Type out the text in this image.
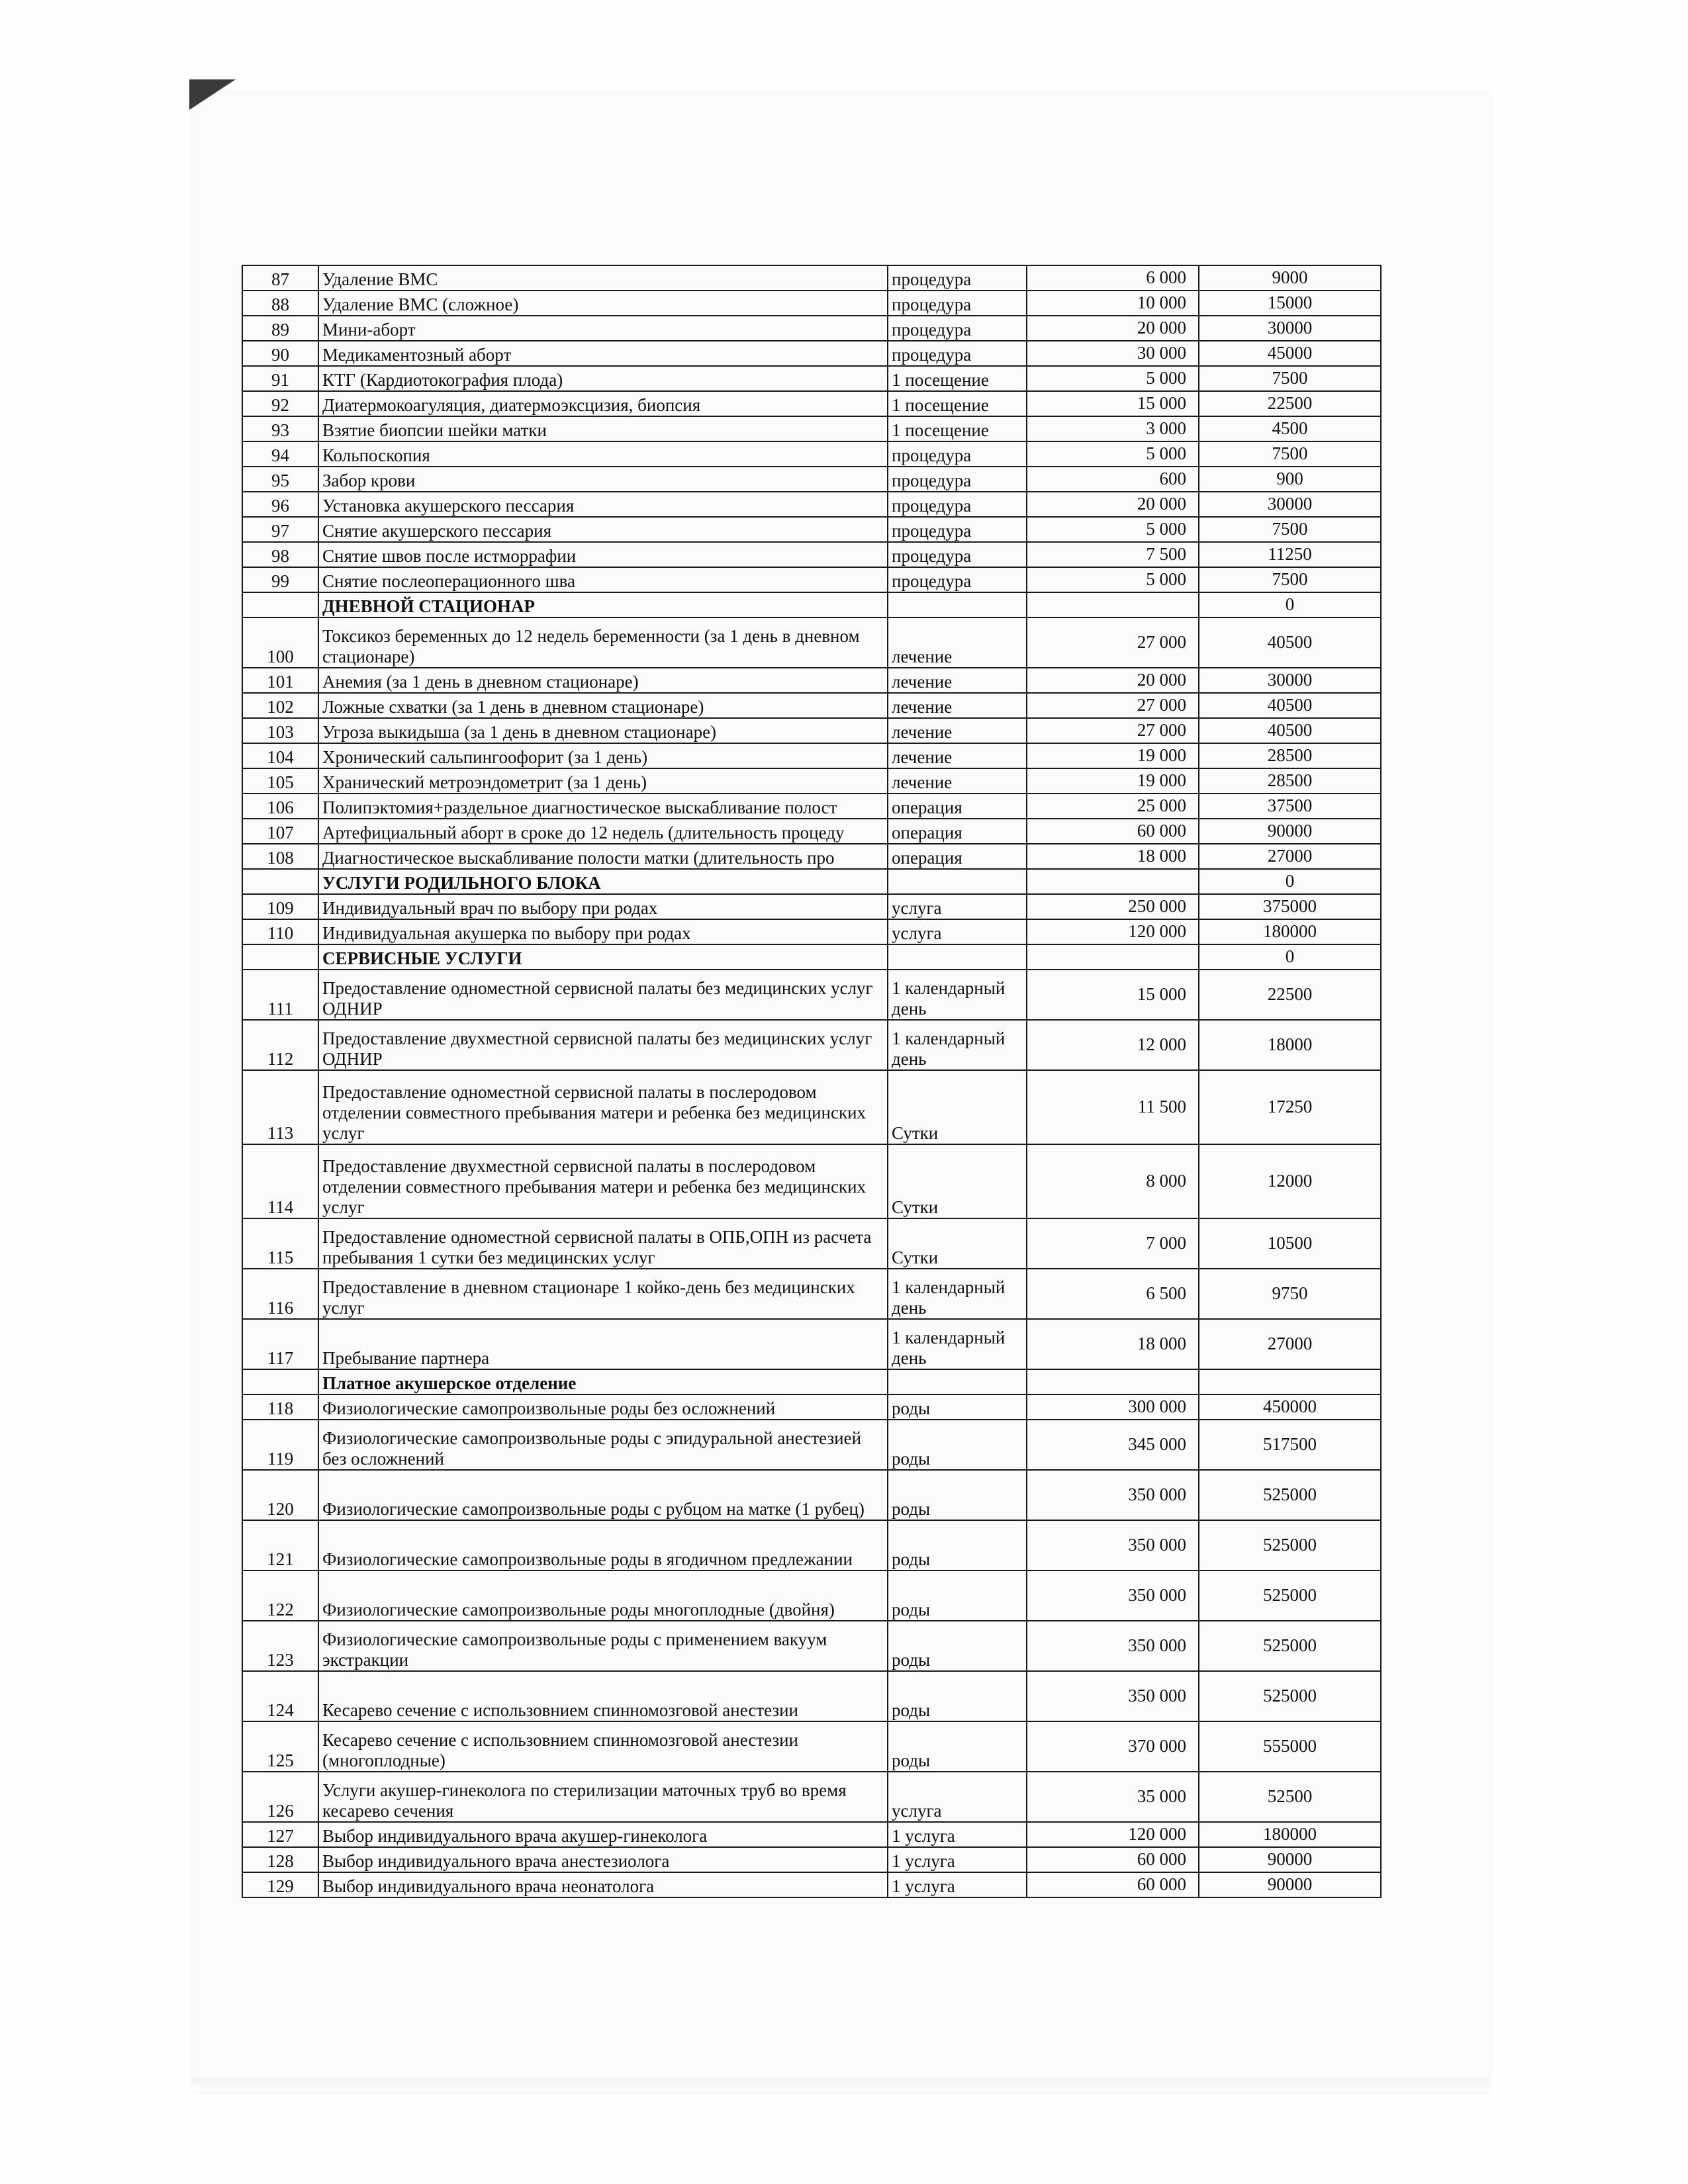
87	Удаление ВМС	процедура	6 000	9000
88	Удаление ВМС (сложное)	процедура	10 000	15000
89	Мини-аборт	процедура	20 000	30000
90	Медикаментозный аборт	процедура	30 000	45000
91	КТГ (Кардиотокография плода)	1 посещение	5 000	7500
92	Диатермокоагуляция, диатермоэксцизия, биопсия	1 посещение	15 000	22500
93	Взятие биопсии шейки матки	1 посещение	3 000	4500
94	Кольпоскопия	процедура	5 000	7500
95	Забор крови	процедура	600	900
96	Установка акушерского пессария	процедура	20 000	30000
97	Снятие акушерского пессария	процедура	5 000	7500
98	Снятие швов после истморрафии	процедура	7 500	11250
99	Снятие послеоперационного шва	процедура	5 000	7500
	ДНЕВНОЙ СТАЦИОНАР			0
100	Токсикоз беременных до 12 недель беременности (за 1 день в дневном стационаре)	лечение	27 000	40500
101	Анемия (за 1 день в дневном стационаре)	лечение	20 000	30000
102	Ложные схватки (за 1 день в дневном стационаре)	лечение	27 000	40500
103	Угроза выкидыша (за 1 день в дневном стационаре)	лечение	27 000	40500
104	Хронический сальпингоофорит (за 1 день)	лечение	19 000	28500
105	Хранический метроэндометрит (за 1 день)	лечение	19 000	28500
106	Полипэктомия+раздельное диагностическое выскабливание полост	операция	25 000	37500
107	Артефициальный аборт в сроке до 12 недель (длительность процеду	операция	60 000	90000
108	Диагностическое выскабливание полости матки (длительность про	операция	18 000	27000
	УСЛУГИ РОДИЛЬНОГО БЛОКА			0
109	Индивидуальный врач по выбору при родах	услуга	250 000	375000
110	Индивидуальная акушерка по выбору при родах	услуга	120 000	180000
	СЕРВИСНЫЕ УСЛУГИ			0
111	Предоставление одноместной сервисной палаты без медицинских услуг ОДНИР	1 календарный день	15 000	22500
112	Предоставление двухместной сервисной палаты без медицинских услуг ОДНИР	1 календарный день	12 000	18000
113	Предоставление одноместной сервисной палаты в послеродовом отделении совместного пребывания матери и ребенка без медицинских услуг	Сутки	11 500	17250
114	Предоставление двухместной сервисной палаты в послеродовом отделении совместного пребывания матери и ребенка без медицинских услуг	Сутки	8 000	12000
115	Предоставление одноместной сервисной палаты в ОПБ,ОПН из расчета пребывания 1 сутки без медицинских услуг	Сутки	7 000	10500
116	Предоставление в дневном стационаре 1 койко-день без медицинских услуг	1 календарный день	6 500	9750
117	Пребывание партнера	1 календарный день	18 000	27000
	Платное акушерское отделение			
118	Физиологические самопроизвольные роды без осложнений	роды	300 000	450000
119	Физиологические самопроизвольные роды с эпидуральной анестезией без осложнений	роды	345 000	517500
120	Физиологические самопроизвольные роды с рубцом на матке (1 рубец)	роды	350 000	525000
121	Физиологические самопроизвольные роды в ягодичном предлежании	роды	350 000	525000
122	Физиологические самопроизвольные роды многоплодные (двойня)	роды	350 000	525000
123	Физиологические самопроизвольные роды с применением вакуум экстракции	роды	350 000	525000
124	Кесарево сечение с использовнием спинномозговой анестезии	роды	350 000	525000
125	Кесарево сечение с использовнием спинномозговой анестезии (многоплодные)	роды	370 000	555000
126	Услуги акушер-гинеколога по стерилизации маточных труб во время кесарево сечения	услуга	35 000	52500
127	Выбор индивидуального врача акушер-гинеколога	1 услуга	120 000	180000
128	Выбор индивидуального врача анестезиолога	1 услуга	60 000	90000
129	Выбор индивидуального врача неонатолога	1 услуга	60 000	90000
